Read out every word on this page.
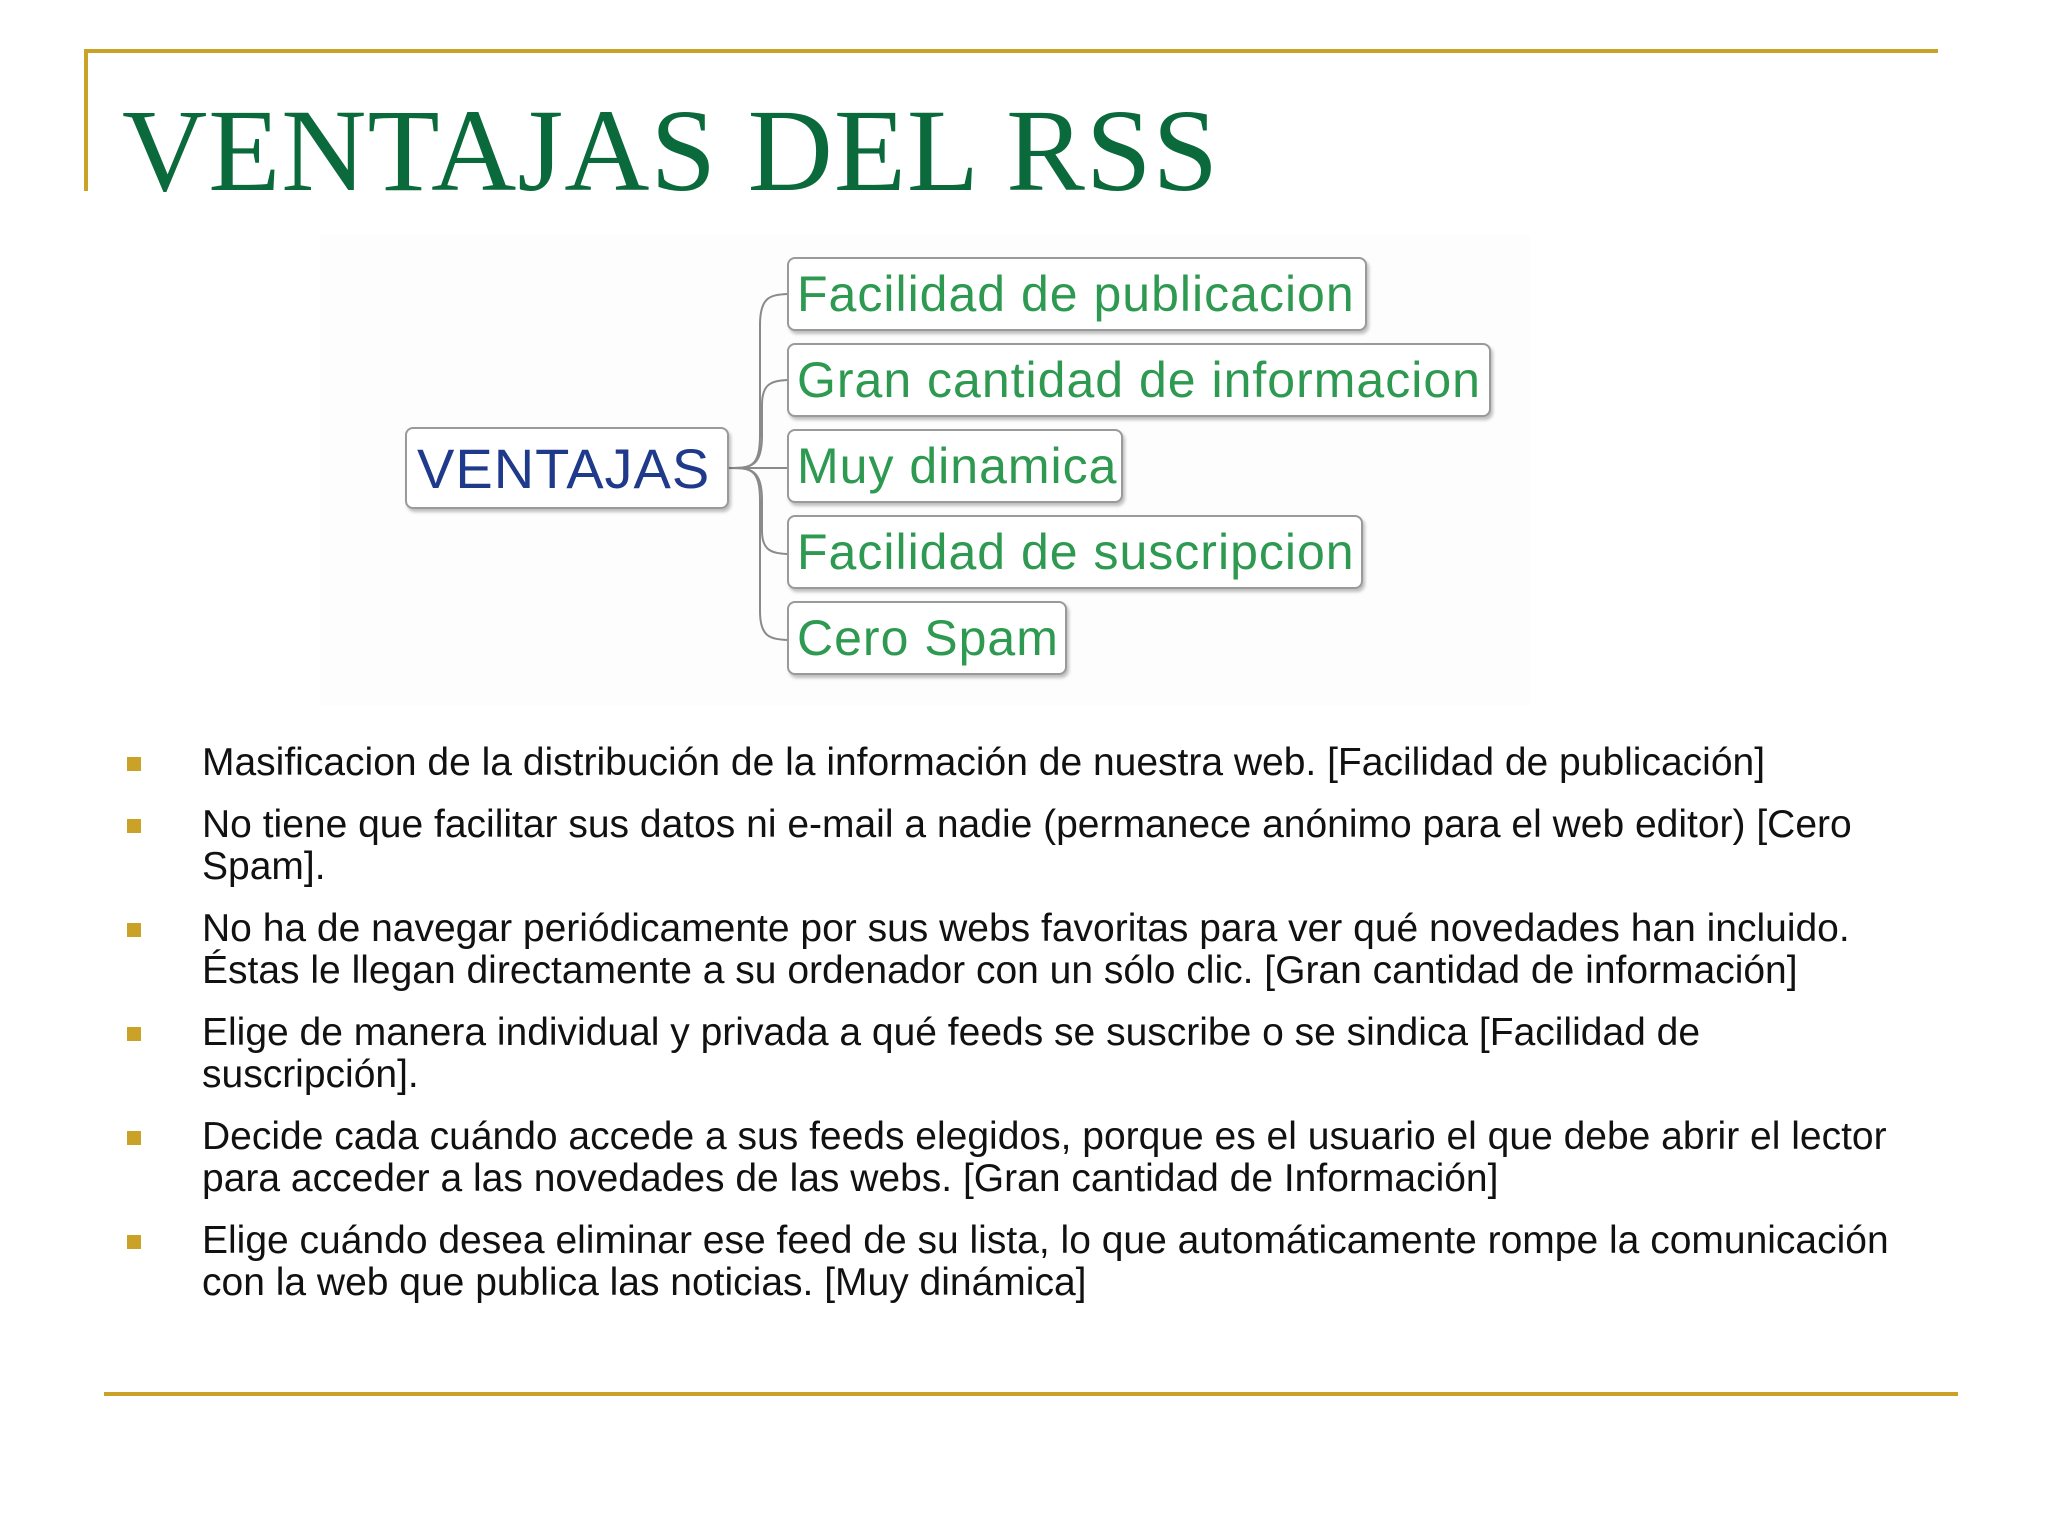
VENTAJAS DEL RSS
VENTAJAS
Facilidad de publicacion
Gran cantidad de informacion
Muy dinamica
Facilidad de suscripcion
Cero Spam
Masificacion de la distribución de la información de nuestra web. [Facilidad de publicación]
No tiene que facilitar sus datos ni e-mail a nadie (permanece anónimo para el web editor) [Cero Spam].
No ha de navegar periódicamente por sus webs favoritas para ver qué novedades han incluido. Éstas le llegan directamente a su ordenador con un sólo clic. [Gran cantidad de información]
Elige de manera individual y privada a qué feeds se suscribe o se sindica [Facilidad de suscripción].
Decide cada cuándo accede a sus feeds elegidos, porque es el usuario el que debe abrir el lector para acceder a las novedades de las webs. [Gran cantidad de Información]
Elige cuándo desea eliminar ese feed de su lista, lo que automáticamente rompe la comunicación con la web que publica las noticias. [Muy dinámica]
